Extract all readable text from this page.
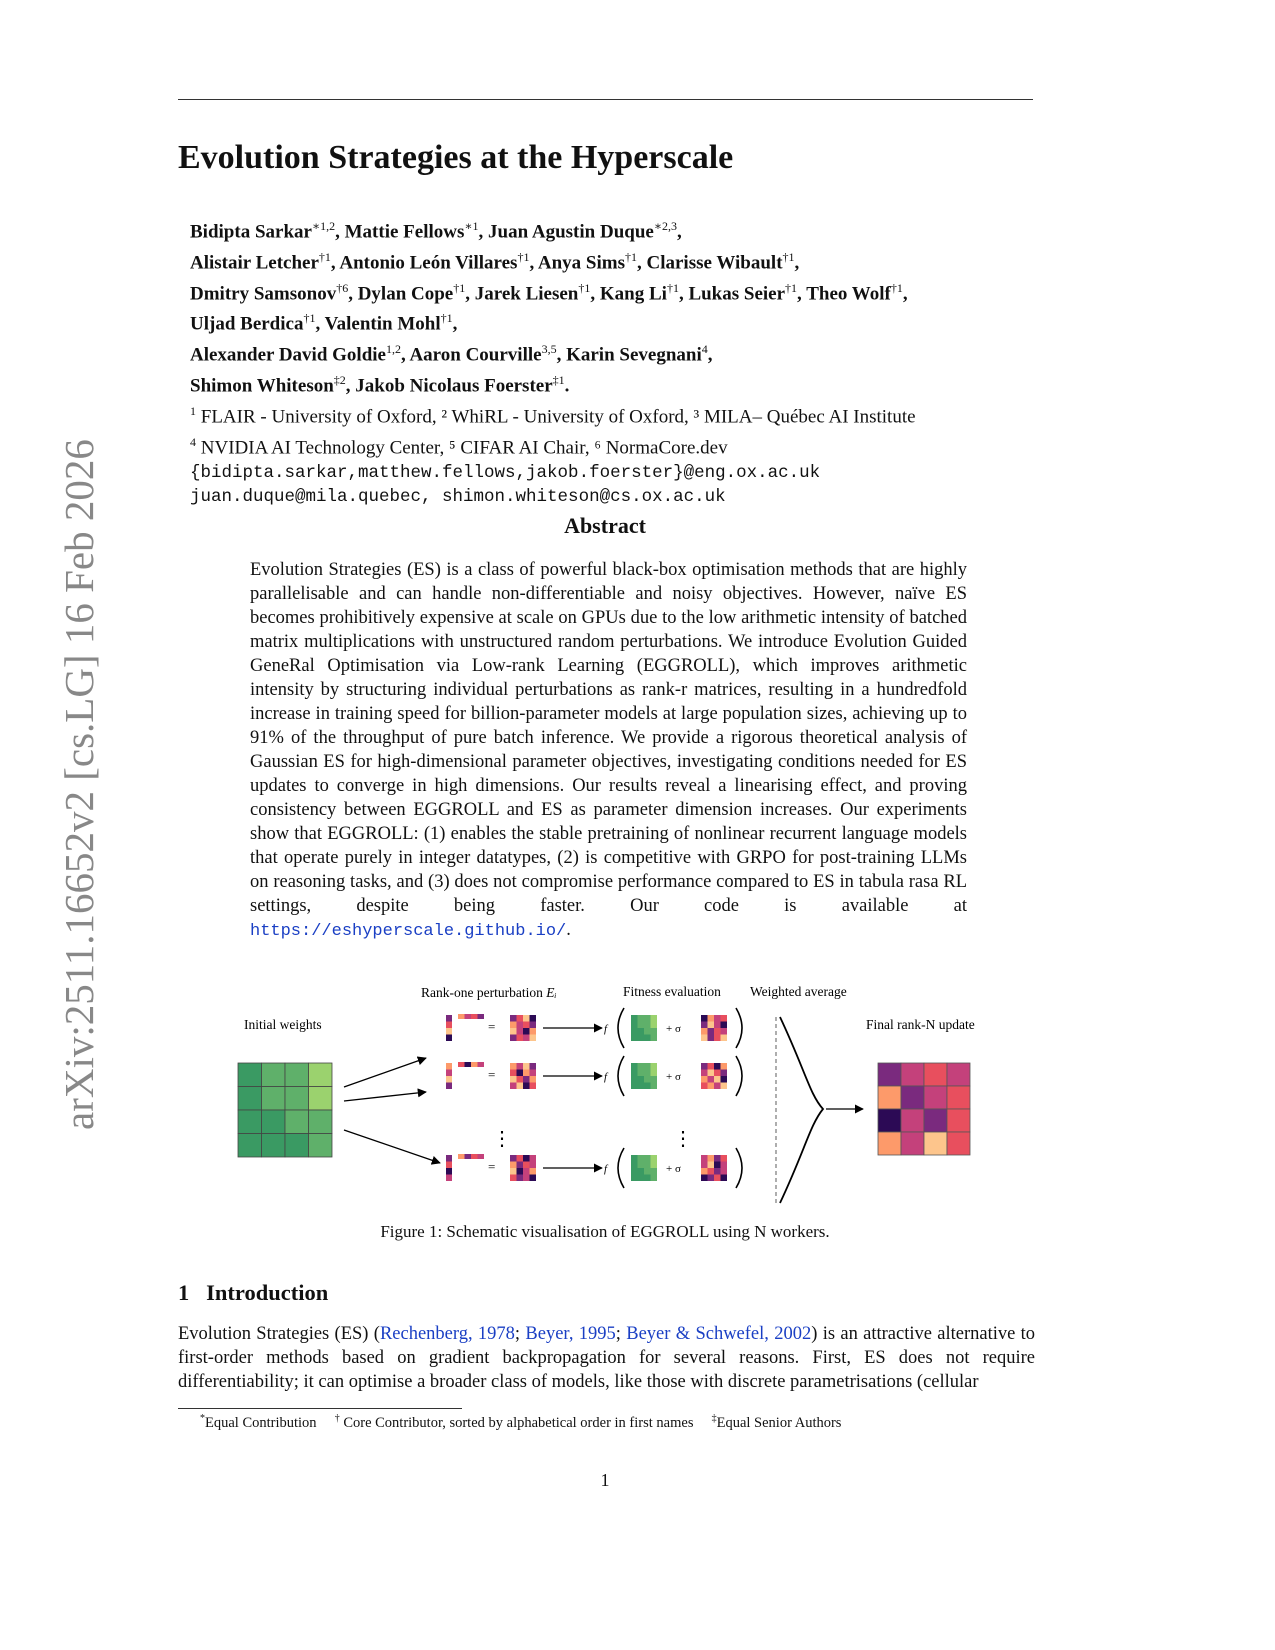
arXiv:2511.16652v2 [cs.LG] 16 Feb 2026
Evolution Strategies at the Hyperscale
Bidipta Sarkar$^{∗1,2}$, Mattie Fellows$^{∗1}$, Juan Agustin Duque$^{∗2,3}$,
Alistair Letcher$^{\dagger 1}$, Antonio León Villares$^{\dagger 1}$, Anya Sims$^{\dagger 1}$, Clarisse Wibault$^{\dagger 1}$,
Dmitry Samsonov$^{\dagger 6}$, Dylan Cope$^{\dagger 1}$, Jarek Liesen$^{\dagger 1}$, Kang Li$^{\dagger 1}$, Lukas Seier$^{\dagger 1}$, Theo Wolf$^{\dagger 1}$,
Uljad Berdica$^{\dagger 1}$, Valentin Mohl$^{\dagger 1}$,
Alexander David Goldie$^{1,2}$, Aaron Courville$^{3,5}$, Karin Sevegnani$^4$,
Shimon Whiteson$^{\ddagger 2}$, Jakob Nicolaus Foerster$^{\ddagger 1}$.
$^1$ FLAIR - University of Oxford, ² WhiRL - University of Oxford, ³ MILA– Québec AI Institute
$^4$ NVIDIA AI Technology Center, ⁵ CIFAR AI Chair, ⁶ NormaCore.dev
{bidipta.sarkar,matthew.fellows,jakob.foerster}@eng.ox.ac.uk
juan.duque@mila.quebec, shimon.whiteson@cs.ox.ac.uk
Abstract
Evolution Strategies (ES) is a class of powerful black-box optimisation methods that are highly parallelisable and can handle non-differentiable and noisy objectives. However, naïve ES becomes prohibitively expensive at scale on GPUs due to the low arithmetic intensity of batched matrix multiplications with unstructured random perturbations. We introduce Evolution Guided GeneRal Optimisation via Low-rank Learning (EGGROLL), which improves arithmetic intensity by structuring individual perturbations as rank-r matrices, resulting in a hundredfold increase in training speed for billion-parameter models at large population sizes, achieving up to 91% of the throughput of pure batch inference. We provide a rigorous theoretical analysis of Gaussian ES for high-dimensional parameter objectives, investigating conditions needed for ES updates to converge in high dimensions. Our results reveal a linearising effect, and proving consistency between EGGROLL and ES as parameter dimension increases. Our experiments show that EGGROLL: (1) enables the stable pretraining of nonlinear recurrent language models that operate purely in integer datatypes, (2) is competitive with GRPO for post-training LLMs on reasoning tasks, and (3) does not compromise performance compared to ES in tabula rasa RL settings, despite being faster. Our code is available at https://eshyperscale.github.io/.
Initial weights
Rank-one perturbation Eᵢ	Fitness evaluation Weighted average
Final rank-N update
=	f	+ σ
=	f	+ σ
=	f	+ σ
⋮	⋮
Figure 1: Schematic visualisation of EGGROLL using N workers.
1 Introduction
Evolution Strategies (ES) (Rechenberg, 1978; Beyer, 1995; Beyer & Schwefel, 2002) is an attractive alternative to first-order methods based on gradient backpropagation for several reasons. First, ES does not require differentiability; it can optimise a broader class of models, like those with discrete parametrisations (cellular
*Equal Contribution † Core Contributor, sorted by alphabetical order in first names ‡Equal Senior Authors
1
